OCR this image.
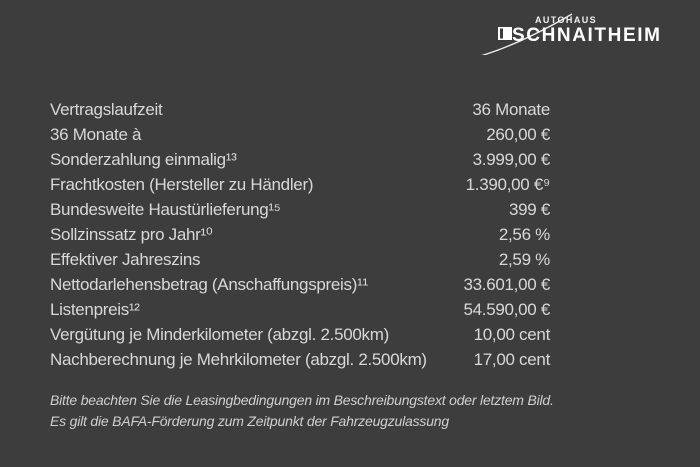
AUTOHAUS
SCHNAITHEIM
Vertragslaufzeit	36 Monate
36 Monate à	260,00 €
Sonderzahlung einmalig¹³	3.999,00 €
Frachtkosten (Hersteller zu Händler)	1.390,00 €⁹
Bundesweite Haustürlieferung¹⁵	399 €
Sollzinssatz pro Jahr¹⁰	2,56 %
Effektiver Jahreszins	2,59 %
Nettodarlehensbetrag (Anschaffungspreis)¹¹	33.601,00 €
Listenpreis¹²	54.590,00 €
Vergütung je Minderkilometer (abzgl. 2.500km)	10,00 cent
Nachberechnung je Mehrkilometer (abzgl. 2.500km)	17,00 cent
Bitte beachten Sie die Leasingbedingungen im Beschreibungstext oder letztem Bild.
Es gilt die BAFA-Förderung zum Zeitpunkt der Fahrzeugzulassung
